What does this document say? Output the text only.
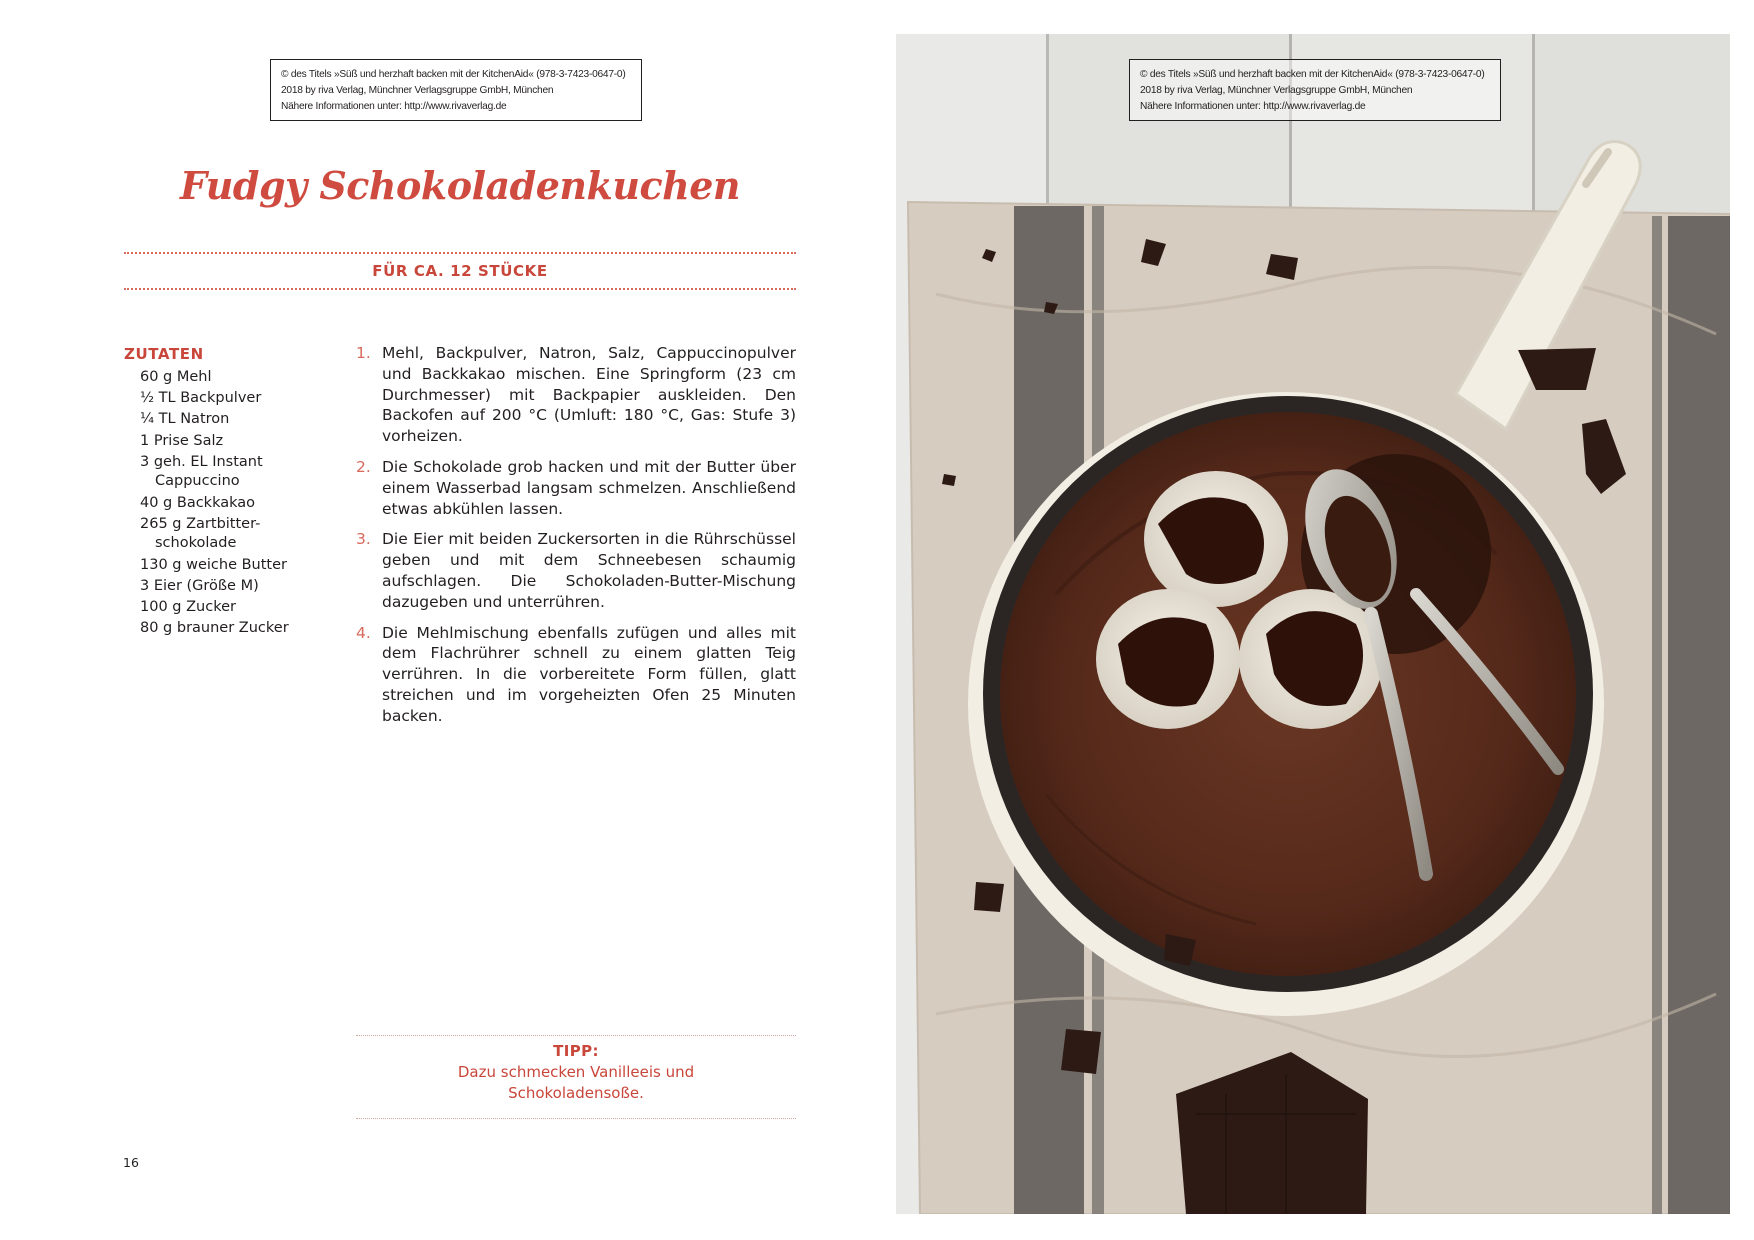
© des Titels »Süß und herzhaft backen mit der KitchenAid« (978-3-7423-0647-0)
2018 by riva Verlag, Münchner Verlagsgruppe GmbH, München
Nähere Informationen unter: http://www.rivaverlag.de
Fudgy Schokoladenkuchen
FÜR CA. 12 STÜCKE
ZUTATEN
60 g Mehl
½ TL Backpulver
¼ TL Natron
1 Prise Salz
3 geh. EL Instant
Cappuccino
40 g Backkakao
265 g Zartbitter-
schokolade
130 g weiche Butter
3 Eier (Größe M)
100 g Zucker
80 g brauner Zucker
1. Mehl, Backpulver, Natron, Salz, Cappuccinopulver und Backkakao mischen. Eine Springform (23 cm Durchmesser) mit Backpapier auskleiden. Den Backofen auf 200 °C (Umluft: 180 °C, Gas: Stufe 3) vorheizen.
2. Die Schokolade grob hacken und mit der Butter über einem Wasserbad langsam schmelzen. Anschließend etwas abkühlen lassen.
3. Die Eier mit beiden Zuckersorten in die Rührschüssel geben und mit dem Schneebesen schaumig aufschlagen. Die Schokoladen-Butter-Mischung dazugeben und unterrühren.
4. Die Mehlmischung ebenfalls zufügen und alles mit dem Flachrührer schnell zu einem glatten Teig verrühren. In die vorbereitete Form füllen, glatt streichen und im vorgeheizten Ofen 25 Minuten backen.
TIPP:
Dazu schmecken Vanilleeis und Schokoladensoße.
16
© des Titels »Süß und herzhaft backen mit der KitchenAid« (978-3-7423-0647-0)
2018 by riva Verlag, Münchner Verlagsgruppe GmbH, München
Nähere Informationen unter: http://www.rivaverlag.de
